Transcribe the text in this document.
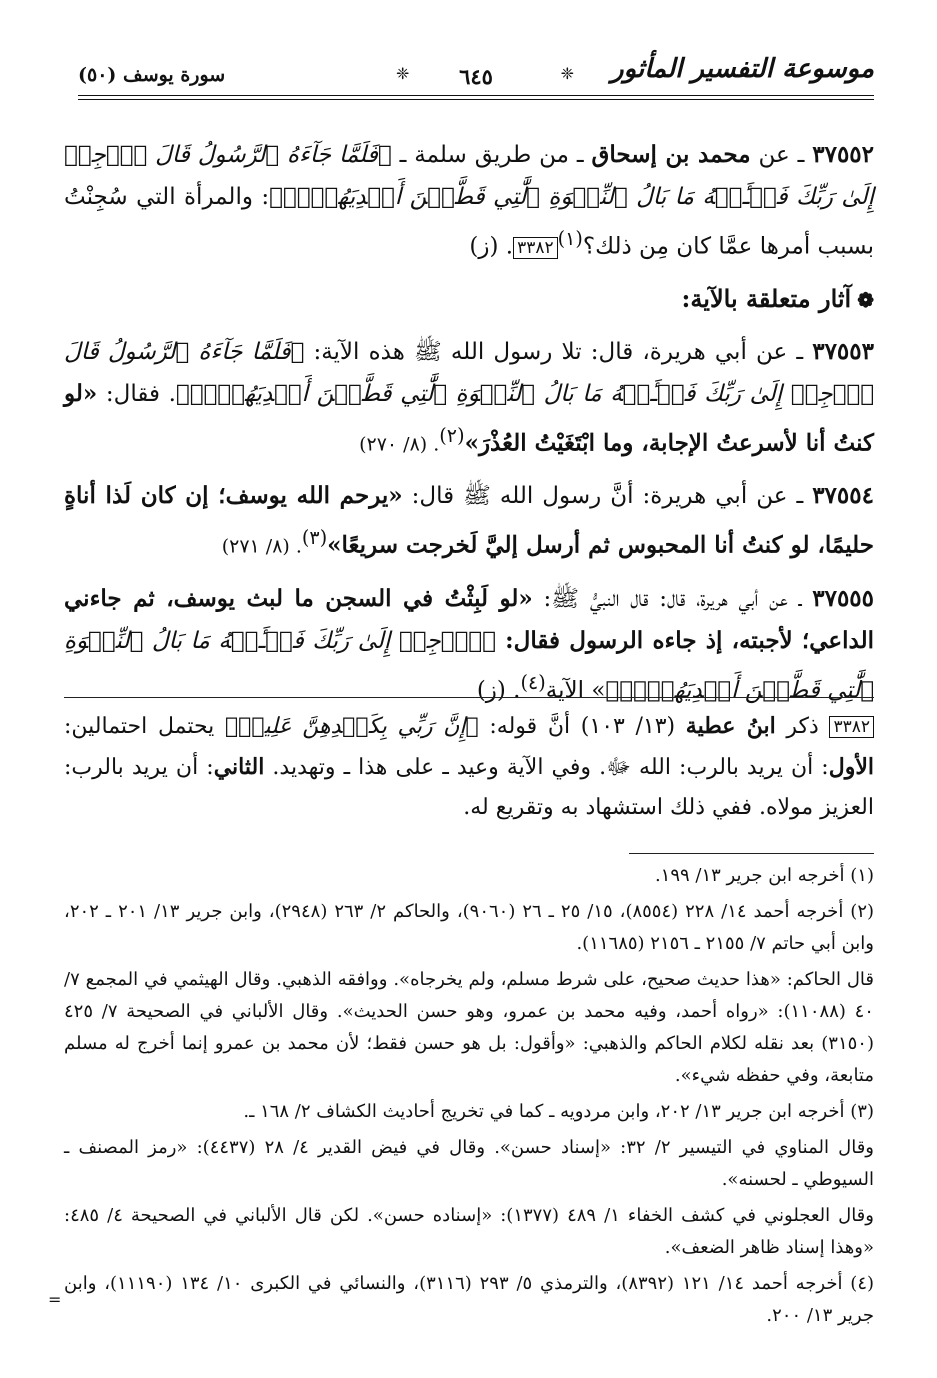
موسوعة التفسير المأثور
❈
٦٤٥
❈
سورة يوسف (٥٠)

٣٧٥٥٢ ـ عن محمد بن إسحاق ـ من طريق سلمة ـ ﴿فَلَمَّا جَآءَهُ ٱلرَّسُولُ قَالَ ٱرۡجِعۡ إِلَىٰ رَبِّكَ فَسۡـَٔلۡهُ مَا بَالُ ٱلنِّسۡوَةِ ٱلَّٰتِي قَطَّعۡنَ أَيۡدِيَهُنَّۚ﴾: والمرأة التي سُجِنْتُ بسبب أمرها عمَّا كان مِن ذلك؟$^{(١)}$٣٣٨٢. (ز)

❁آثار متعلقة بالآية:

٣٧٥٥٣ ـ عن أبي هريرة، قال: تلا رسول الله ﷺ هذه الآية: ﴿فَلَمَّا جَآءَهُ ٱلرَّسُولُ قَالَ ٱرۡجِعۡ إِلَىٰ رَبِّكَ فَسۡـَٔلۡهُ مَا بَالُ ٱلنِّسۡوَةِ ٱلَّٰتِي قَطَّعۡنَ أَيۡدِيَهُنَّۚ﴾. فقال: «لو كنتُ أنا لأسرعتُ الإجابة، وما ابْتَغَيْتُ العُذْرَ»$^{(٢)}$. (٨/ ٢٧٠)

٣٧٥٥٤ ـ عن أبي هريرة: أنَّ رسول الله ﷺ قال: «يرحم الله يوسف؛ إن كان لَذا أناةٍ حليمًا، لو كنتُ أنا المحبوس ثم أرسل إليَّ لَخرجت سريعًا»$^{(٣)}$. (٨/ ٢٧١)

٣٧٥٥٥ ـ عن أبي هريرة، قال: قال النبيُّ ﷺ: «لو لَبِثْتُ في السجن ما لبث يوسف، ثم جاءني الداعي؛ لأجبته، إذ جاءه الرسول فقال: ﴿ٱرۡجِعۡ إِلَىٰ رَبِّكَ فَسۡـَٔلۡهُ مَا بَالُ ٱلنِّسۡوَةِ ٱلَّٰتِي قَطَّعۡنَ أَيۡدِيَهُنَّۚ﴾» الآية$^{(٤)}$. (ز)

٣٣٨٢ ذكر ابنُ عطية (١٣/ ١٠٣) أنَّ قوله: ﴿إِنَّ رَبِّي بِكَيۡدِهِنَّ عَلِيمٞ﴾ يحتمل احتمالين: الأول: أن يريد بالرب: الله ﷻ. وفي الآية وعيد ـ على هذا ـ وتهديد. الثاني: أن يريد بالرب: العزيز مولاه. ففي ذلك استشهاد به وتقريع له.

(١) أخرجه ابن جرير ١٣/ ١٩٩.

(٢) أخرجه أحمد ١٤/ ٢٢٨ (٨٥٥٤)، ١٥/ ٢٥ ـ ٢٦ (٩٠٦٠)، والحاكم ٢/ ٢٦٣ (٢٩٤٨)، وابن جرير ١٣/ ٢٠١ ـ ٢٠٢، وابن أبي حاتم ٧/ ٢١٥٥ ـ ٢١٥٦ (١١٦٨٥).

قال الحاكم: «هذا حديث صحيح، على شرط مسلم، ولم يخرجاه». ووافقه الذهبي. وقال الهيثمي في المجمع ٧/ ٤٠ (١١٠٨٨): «رواه أحمد، وفيه محمد بن عمرو، وهو حسن الحديث». وقال الألباني في الصحيحة ٧/ ٤٢٥ (٣١٥٠) بعد نقله لكلام الحاكم والذهبي: «وأقول: بل هو حسن فقط؛ لأن محمد بن عمرو إنما أخرج له مسلم متابعة، وفي حفظه شيء».

(٣) أخرجه ابن جرير ١٣/ ٢٠٢، وابن مردويه ـ كما في تخريج أحاديث الكشاف ٢/ ١٦٨ ـ.

وقال المناوي في التيسير ٢/ ٣٢: «إسناد حسن». وقال في فيض القدير ٤/ ٢٨ (٤٤٣٧): «رمز المصنف ـ السيوطي ـ لحسنه».

وقال العجلوني في كشف الخفاء ١/ ٤٨٩ (١٣٧٧): «إسناده حسن». لكن قال الألباني في الصحيحة ٤/ ٤٨٥: «وهذا إسناد ظاهر الضعف».

(٤) أخرجه أحمد ١٤/ ١٢١ (٨٣٩٢)، والترمذي ٥/ ٢٩٣ (٣١١٦)، والنسائي في الكبرى ١٠/ ١٣٤ (١١١٩٠)، وابن جرير ١٣/ ٢٠٠.

=
